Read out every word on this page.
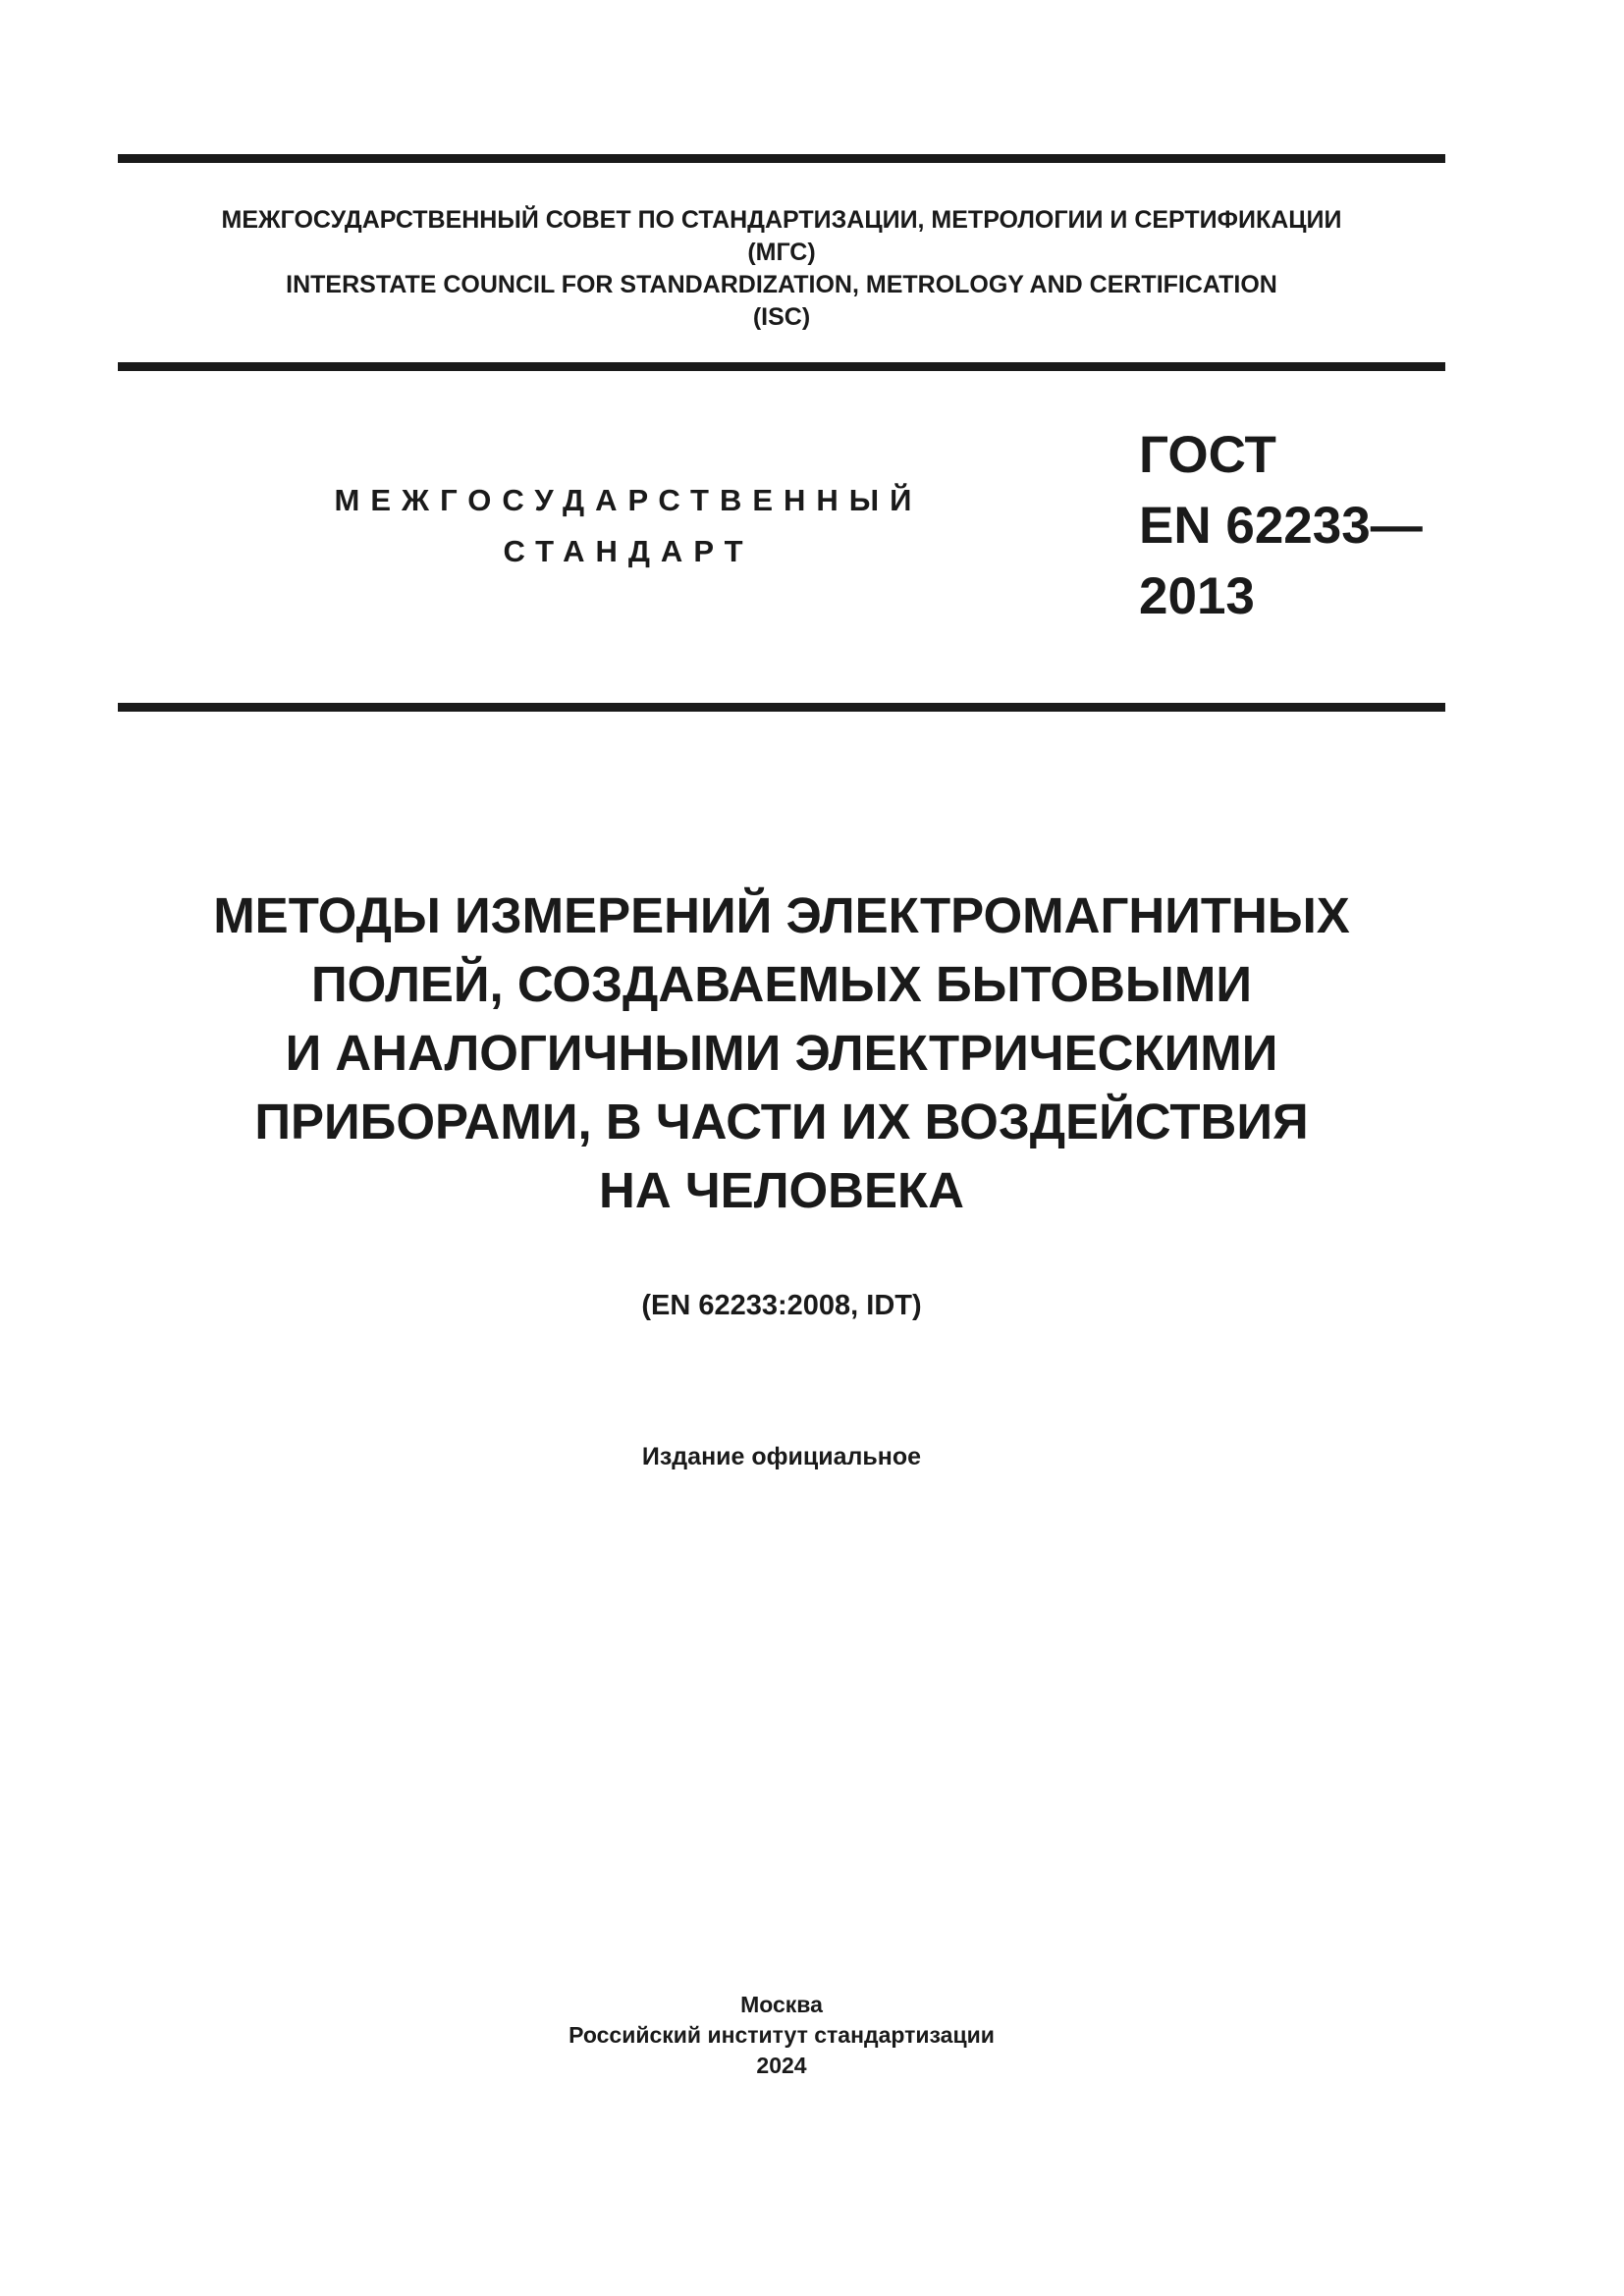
МЕЖГОСУДАРСТВЕННЫЙ СОВЕТ ПО СТАНДАРТИЗАЦИИ, МЕТРОЛОГИИ И СЕРТИФИКАЦИИ
(МГС)
INTERSTATE COUNCIL FOR STANDARDIZATION, METROLOGY AND CERTIFICATION
(ISC)
МЕЖГОСУДАРСТВЕННЫЙ
СТАНДАРТ
ГОСТ
EN 62233—
2013
МЕТОДЫ ИЗМЕРЕНИЙ ЭЛЕКТРОМАГНИТНЫХ
ПОЛЕЙ, СОЗДАВАЕМЫХ БЫТОВЫМИ
И АНАЛОГИЧНЫМИ ЭЛЕКТРИЧЕСКИМИ
ПРИБОРАМИ, В ЧАСТИ ИХ ВОЗДЕЙСТВИЯ
НА ЧЕЛОВЕКА
(EN 62233:2008, IDT)
Издание официальное
Москва
Российский институт стандартизации
2024
